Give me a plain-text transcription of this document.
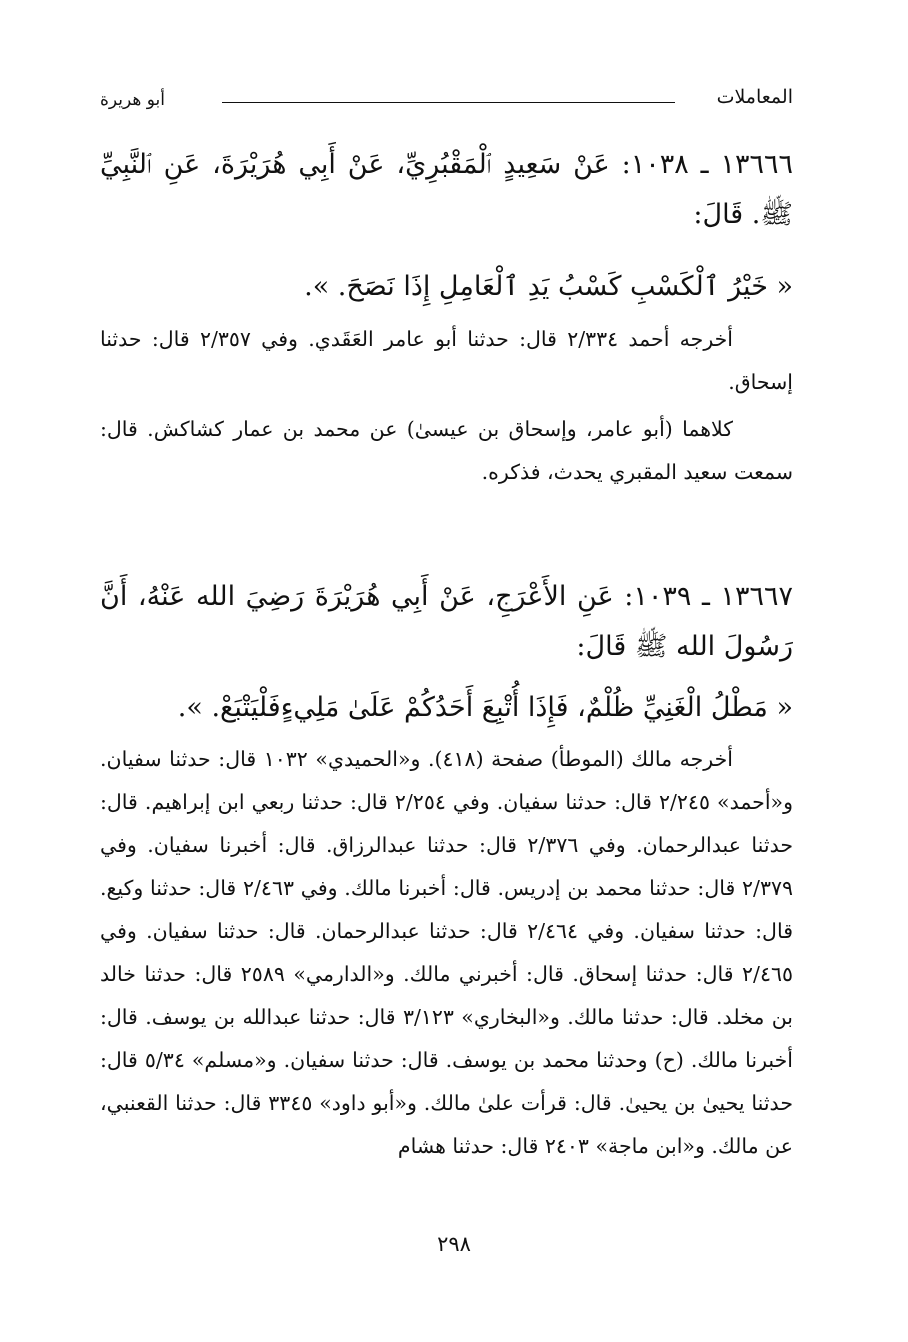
المعاملات
أبو هريرة
١٣٦٦٦ ـ ١٠٣٨: عَنْ سَعِيدٍ ٱلْمَقْبُرِيِّ، عَنْ أَبِي هُرَيْرَةَ، عَنِ ٱلنَّبِيِّ ﷺ. قَالَ:
« خَيْرُ ٱلْكَسْبِ كَسْبُ يَدِ ٱلْعَامِلِ إِذَا نَصَحَ. ».
أخرجه أحمد ٢/٣٣٤ قال: حدثنا أبو عامر العَقَدي. وفي ٢/٣٥٧ قال: حدثنا إسحاق.
كلاهما (أبو عامر، وإسحاق بن عيسىٰ) عن محمد بن عمار كشاكش. قال: سمعت سعيد المقبري يحدث، فذكره.
١٣٦٦٧ ـ ١٠٣٩: عَنِ الأَعْرَجِ، عَنْ أَبِي هُرَيْرَةَ رَضِيَ الله عَنْهُ، أَنَّ رَسُولَ الله ﷺ قَالَ:
« مَطْلُ الْغَنِيِّ ظُلْمٌ، فَإِذَا أُتْبِعَ أَحَدُكُمْ عَلَىٰ مَلِيءٍفَلْيَتْبَعْ. ».
أخرجه مالك (الموطأ) صفحة (٤١٨). و«الحميدي» ١٠٣٢ قال: حدثنا سفيان. و«أحمد» ٢/٢٤٥ قال: حدثنا سفيان. وفي ٢/٢٥٤ قال: حدثنا ربعي ابن إبراهيم. قال: حدثنا عبدالرحمان. وفي ٢/٣٧٦ قال: حدثنا عبدالرزاق. قال: أخبرنا سفيان. وفي ٢/٣٧٩ قال: حدثنا محمد بن إدريس. قال: أخبرنا مالك. وفي ٢/٤٦٣ قال: حدثنا وكيع. قال: حدثنا سفيان. وفي ٢/٤٦٤ قال: حدثنا عبدالرحمان. قال: حدثنا سفيان. وفي ٢/٤٦٥ قال: حدثنا إسحاق. قال: أخبرني مالك. و«الدارمي» ٢٥٨٩ قال: حدثنا خالد بن مخلد. قال: حدثنا مالك. و«البخاري» ٣/١٢٣ قال: حدثنا عبدالله بن يوسف. قال: أخبرنا مالك. (ح) وحدثنا محمد بن يوسف. قال: حدثنا سفيان. و«مسلم» ٥/٣٤ قال: حدثنا يحيىٰ بن يحيىٰ. قال: قرأت علىٰ مالك. و«أبو داود» ٣٣٤٥ قال: حدثنا القعنبي، عن مالك. و«ابن ماجة» ٢٤٠٣ قال: حدثنا هشام
٢٩٨
